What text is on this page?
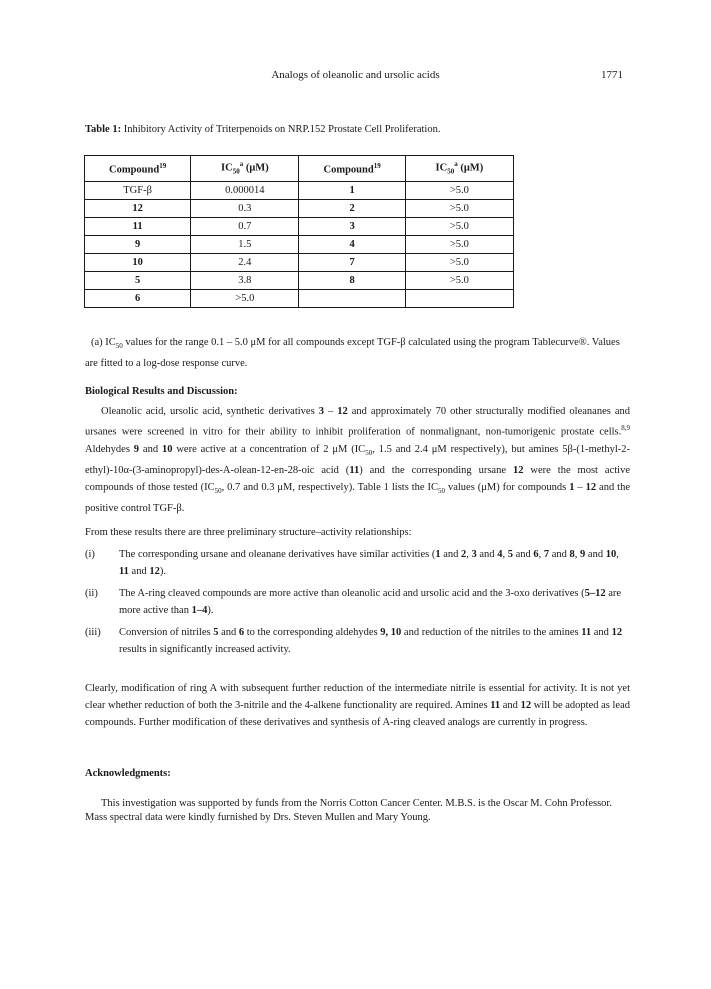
Analogs of oleanolic and ursolic acids	1771
Table 1: Inhibitory Activity of Triterpenoids on NRP.152 Prostate Cell Proliferation.
Compound$^{19}$	$IC_{50}^a$ (μM)	Compound$^{19}$	$IC_{50}^a$ (μM)
TGF-β	0.000014	1	>5.0
12	0.3	2	>5.0
11	0.7	3	>5.0
9	1.5	4	>5.0
10	2.4	7	>5.0
5	3.8	8	>5.0
6	>5.0		
(a) $IC_{50}$ values for the range 0.1 – 5.0 μM for all compounds except TGF-β calculated using the program Tablecurve®. Values are fitted to a log-dose response curve.
Biological Results and Discussion:
Oleanolic acid, ursolic acid, synthetic derivatives 3 – 12 and approximately 70 other structurally modified oleananes and ursanes were screened in vitro for their ability to inhibit proliferation of nonmalignant, non-tumorigenic prostate cells.$^{8,9}$ Aldehydes 9 and 10 were active at a concentration of 2 μM ($IC_{50}$, 1.5 and 2.4 μM respectively), but amines 5β-(1-methyl-2-ethyl)-10α-(3-aminopropyl)-des-A-olean-12-en-28-oic acid (11) and the corresponding ursane 12 were the most active compounds of those tested ($IC_{50}$, 0.7 and 0.3 μM, respectively). Table 1 lists the $IC_{50}$ values (μM) for compounds 1 – 12 and the positive control TGF-β.
From these results there are three preliminary structure–activity relationships:
(i) The corresponding ursane and oleanane derivatives have similar activities (1 and 2, 3 and 4, 5 and 6, 7 and 8, 9 and 10, 11 and 12).
(ii) The A-ring cleaved compounds are more active than oleanolic acid and ursolic acid and the 3-oxo derivatives (5–12 are more active than 1–4).
(iii) Conversion of nitriles 5 and 6 to the corresponding aldehydes 9, 10 and reduction of the nitriles to the amines 11 and 12 results in significantly increased activity.
Clearly, modification of ring A with subsequent further reduction of the intermediate nitrile is essential for activity. It is not yet clear whether reduction of both the 3-nitrile and the 4-alkene functionality are required. Amines 11 and 12 will be adopted as lead compounds. Further modification of these derivatives and synthesis of A-ring cleaved analogs are currently in progress.
Acknowledgments:
This investigation was supported by funds from the Norris Cotton Cancer Center. M.B.S. is the Oscar M. Cohn Professor. Mass spectral data were kindly furnished by Drs. Steven Mullen and Mary Young.
